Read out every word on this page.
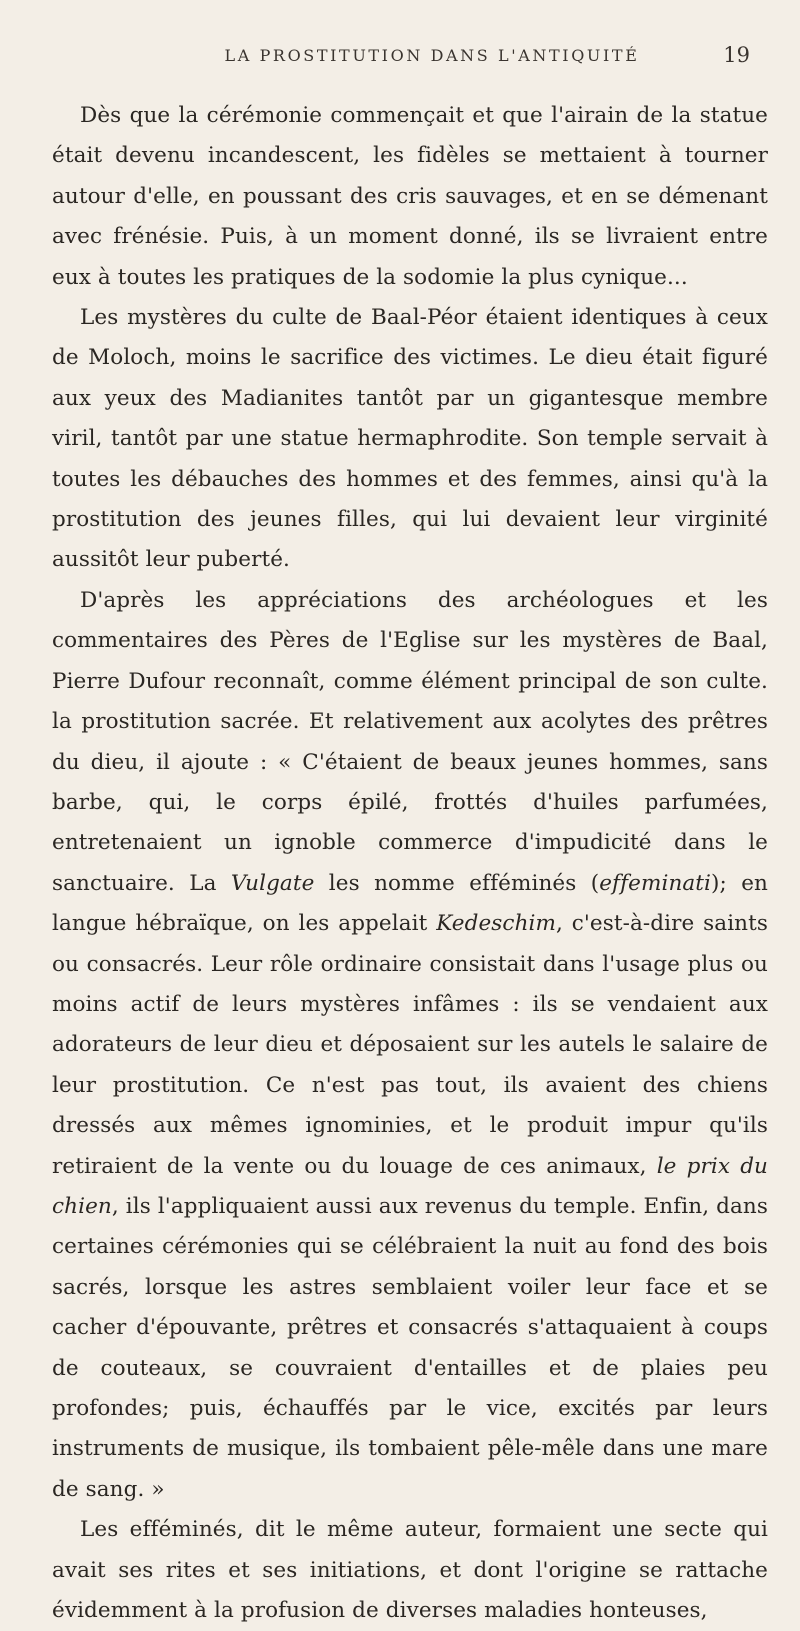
LA PROSTITUTION DANS L'ANTIQUITÉ	19

Dès que la cérémonie commençait et que l'airain de la statue était devenu incandescent, les fidèles se mettaient à tourner autour d'elle, en poussant des cris sauvages, et en se démenant avec frénésie. Puis, à un moment donné, ils se livraient entre eux à toutes les pratiques de la sodomie la plus cynique...

Les mystères du culte de Baal-Péor étaient identiques à ceux de Moloch, moins le sacrifice des victimes. Le dieu était figuré aux yeux des Madianites tantôt par un gigantesque membre viril, tantôt par une statue hermaphrodite. Son temple servait à toutes les débauches des hommes et des femmes, ainsi qu'à la prostitution des jeunes filles, qui lui devaient leur virginité aussitôt leur puberté.

D'après les appréciations des archéologues et les commentaires des Pères de l'Eglise sur les mystères de Baal, Pierre Dufour reconnaît, comme élément principal de son culte. la prostitution sacrée. Et relativement aux acolytes des prêtres du dieu, il ajoute : « C'étaient de beaux jeunes hommes, sans barbe, qui, le corps épilé, frottés d'huiles parfumées, entretenaient un ignoble commerce d'impudicité dans le sanctuaire. La Vulgate les nomme efféminés (effeminati); en langue hébraïque, on les appelait Kedeschim, c'est-à-dire saints ou consacrés. Leur rôle ordinaire consistait dans l'usage plus ou moins actif de leurs mystères infâmes : ils se vendaient aux adorateurs de leur dieu et déposaient sur les autels le salaire de leur prostitution. Ce n'est pas tout, ils avaient des chiens dressés aux mêmes ignominies, et le produit impur qu'ils retiraient de la vente ou du louage de ces animaux, le prix du chien, ils l'appliquaient aussi aux revenus du temple. Enfin, dans certaines cérémonies qui se célébraient la nuit au fond des bois sacrés, lorsque les astres semblaient voiler leur face et se cacher d'épouvante, prêtres et consacrés s'attaquaient à coups de couteaux, se couvraient d'entailles et de plaies peu profondes; puis, échauffés par le vice, excités par leurs instruments de musique, ils tombaient pêle-mêle dans une mare de sang. »

Les efféminés, dit le même auteur, formaient une secte qui avait ses rites et ses initiations, et dont l'origine se rattache évidemment à la profusion de diverses maladies honteuses,
